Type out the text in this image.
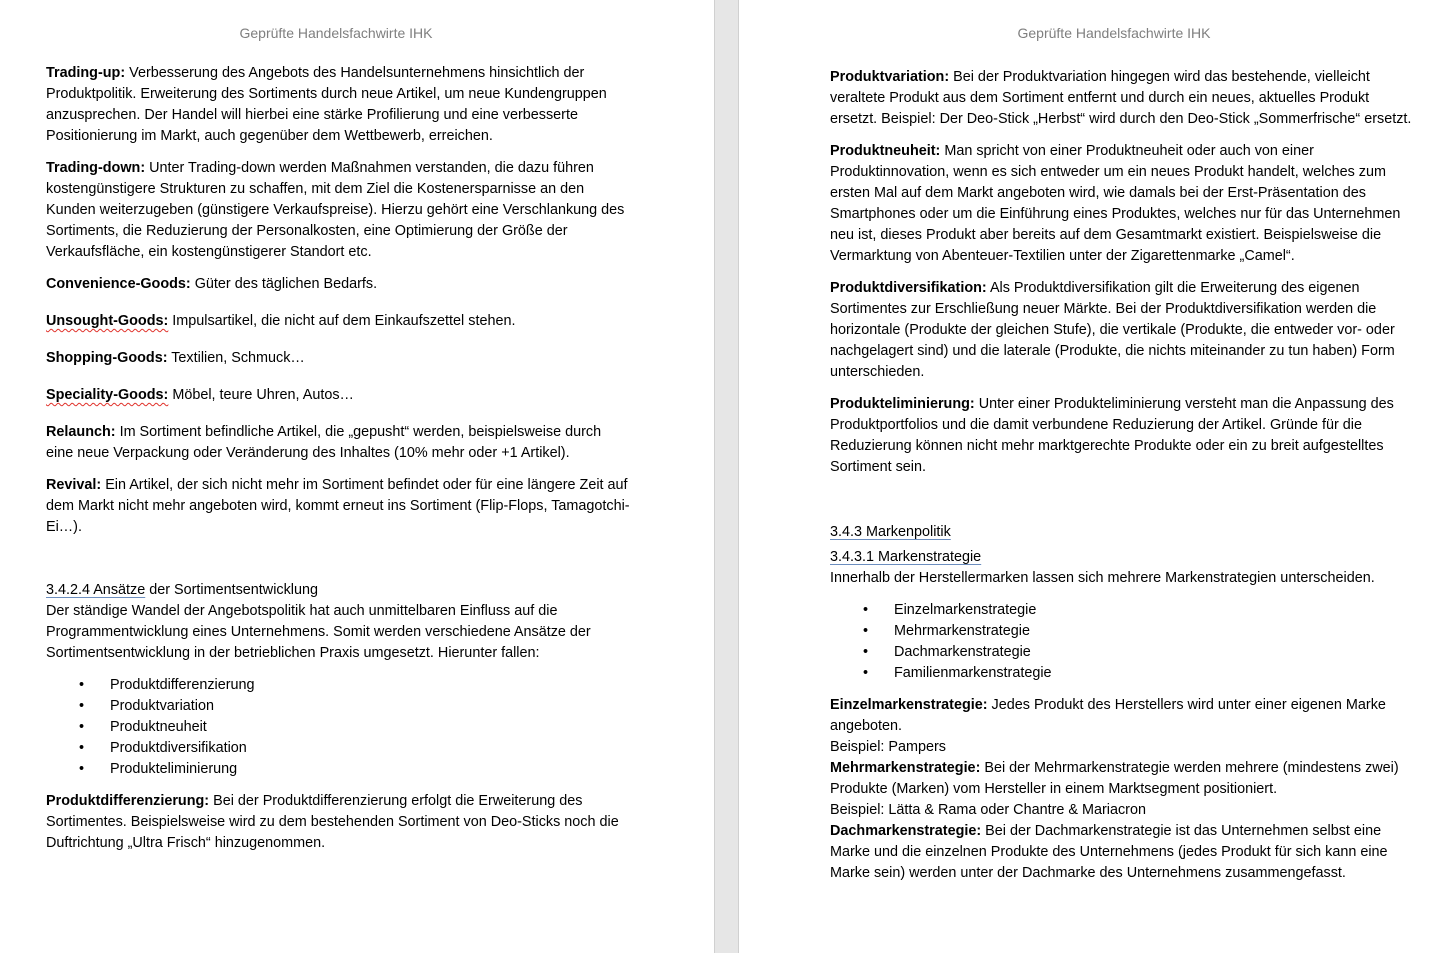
Geprüfte Handelsfachwirte IHK

Trading-up: Verbesserung des Angebots des Handelsunternehmens hinsichtlich der Produktpolitik. Erweiterung des Sortiments durch neue Artikel, um neue Kundengruppen anzusprechen. Der Handel will hierbei eine stärke Profilierung und eine verbesserte Positionierung im Markt, auch gegenüber dem Wettbewerb, erreichen.

Trading-down: Unter Trading-down werden Maßnahmen verstanden, die dazu führen kostengünstigere Strukturen zu schaffen, mit dem Ziel die Kostenersparnisse an den Kunden weiterzugeben (günstigere Verkaufspreise). Hierzu gehört eine Verschlankung des Sortiments, die Reduzierung der Personalkosten, eine Optimierung der Größe der Verkaufsfläche, ein kostengünstigerer Standort etc.

Convenience-Goods: Güter des täglichen Bedarfs.

Unsought-Goods: Impulsartikel, die nicht auf dem Einkaufszettel stehen.

Shopping-Goods: Textilien, Schmuck…

Speciality-Goods: Möbel, teure Uhren, Autos…

Relaunch: Im Sortiment befindliche Artikel, die „gepusht“ werden, beispielsweise durch eine neue Verpackung oder Veränderung des Inhaltes (10% mehr oder +1 Artikel).

Revival: Ein Artikel, der sich nicht mehr im Sortiment befindet oder für eine längere Zeit auf dem Markt nicht mehr angeboten wird, kommt erneut ins Sortiment (Flip-Flops, Tamagotchi-Ei…).

3.4.2.4 Ansätze der Sortimentsentwicklung

Der ständige Wandel der Angebotspolitik hat auch unmittelbaren Einfluss auf die Programmentwicklung eines Unternehmens. Somit werden verschiedene Ansätze der Sortimentsentwicklung in der betrieblichen Praxis umgesetzt. Hierunter fallen:

• Produktdifferenzierung
• Produktvariation
• Produktneuheit
• Produktdiversifikation
• Produkteliminierung

Produktdifferenzierung: Bei der Produktdifferenzierung erfolgt die Erweiterung des Sortimentes. Beispielsweise wird zu dem bestehenden Sortiment von Deo-Sticks noch die Duftrichtung „Ultra Frisch“ hinzugenommen.

Geprüfte Handelsfachwirte IHK

Produktvariation: Bei der Produktvariation hingegen wird das bestehende, vielleicht veraltete Produkt aus dem Sortiment entfernt und durch ein neues, aktuelles Produkt ersetzt. Beispiel: Der Deo-Stick „Herbst“ wird durch den Deo-Stick „Sommerfrische“ ersetzt.

Produktneuheit: Man spricht von einer Produktneuheit oder auch von einer Produktinnovation, wenn es sich entweder um ein neues Produkt handelt, welches zum ersten Mal auf dem Markt angeboten wird, wie damals bei der Erst-Präsentation des Smartphones oder um die Einführung eines Produktes, welches nur für das Unternehmen neu ist, dieses Produkt aber bereits auf dem Gesamtmarkt existiert. Beispielsweise die Vermarktung von Abenteuer-Textilien unter der Zigarettenmarke „Camel“.

Produktdiversifikation: Als Produktdiversifikation gilt die Erweiterung des eigenen Sortimentes zur Erschließung neuer Märkte. Bei der Produktdiversifikation werden die horizontale (Produkte der gleichen Stufe), die vertikale (Produkte, die entweder vor- oder nachgelagert sind) und die laterale (Produkte, die nichts miteinander zu tun haben) Form unterschieden.

Produkteliminierung: Unter einer Produkteliminierung versteht man die Anpassung des Produktportfolios und die damit verbundene Reduzierung der Artikel. Gründe für die Reduzierung können nicht mehr marktgerechte Produkte oder ein zu breit aufgestelltes Sortiment sein.

3.4.3 Markenpolitik
3.4.3.1 Markenstrategie

Innerhalb der Herstellermarken lassen sich mehrere Markenstrategien unterscheiden.

• Einzelmarkenstrategie
• Mehrmarkenstrategie
• Dachmarkenstrategie
• Familienmarkenstrategie
Einzelmarkenstrategie: Jedes Produkt des Herstellers wird unter einer eigenen Marke angeboten.
Beispiel: Pampers
Mehrmarkenstrategie: Bei der Mehrmarkenstrategie werden mehrere (mindestens zwei) Produkte (Marken) vom Hersteller in einem Marktsegment positioniert.
Beispiel: Lätta & Rama oder Chantre & Mariacron
Dachmarkenstrategie: Bei der Dachmarkenstrategie ist das Unternehmen selbst eine Marke und die einzelnen Produkte des Unternehmens (jedes Produkt für sich kann eine Marke sein) werden unter der Dachmarke des Unternehmens zusammengefasst.
